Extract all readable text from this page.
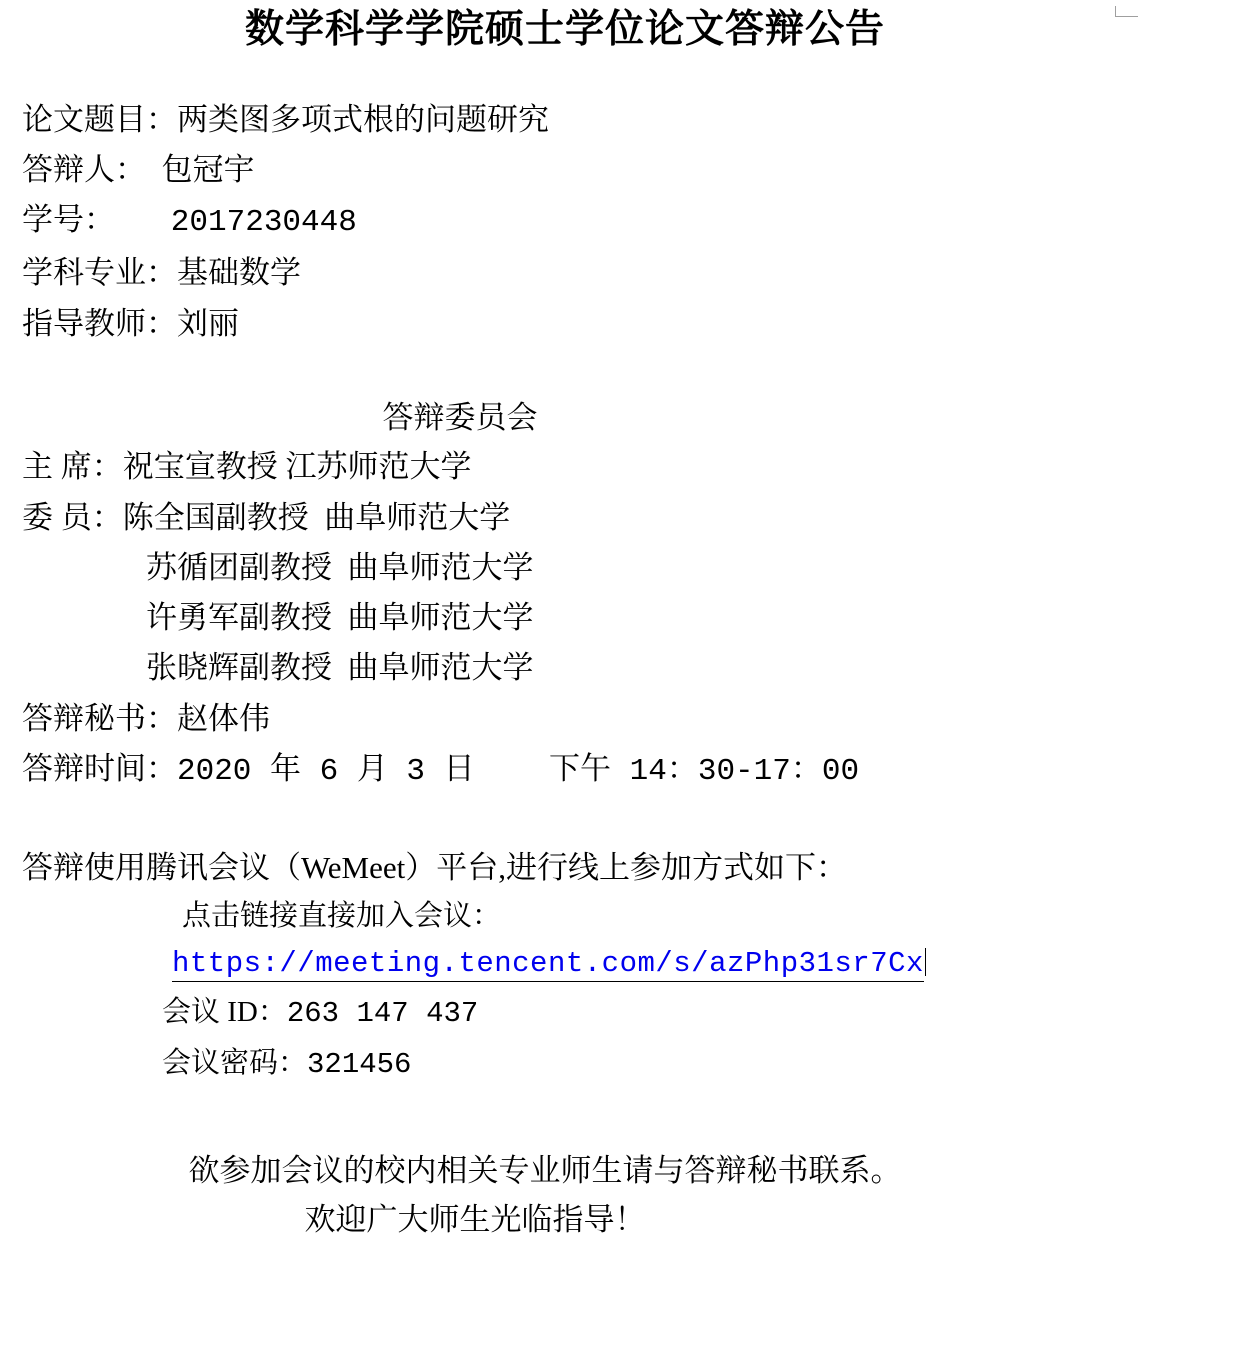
数学科学学院硕士学位论文答辩公告
论文题目：两类图多项式根的问题研究
答辩人：  包冠宇
学号：   2017230448
学科专业：基础数学
指导教师：刘丽
答辩委员会
主 席：祝宝宣教授 江苏师范大学
委 员：陈全国副教授 曲阜师范大学
苏循团副教授 曲阜师范大学
许勇军副教授 曲阜师范大学
张晓辉副教授 曲阜师范大学
答辩秘书：赵体伟
答辩时间：2020 年 6 月 3 日    下午 14：30-17：00
答辩使用腾讯会议（WeMeet）平台,进行线上参加方式如下：
点击链接直接加入会议：
https://meeting.tencent.com/s/azPhp31sr7Cx
会议 ID：263 147 437
会议密码：321456
欲参加会议的校内相关专业师生请与答辩秘书联系。
欢迎广大师生光临指导！
